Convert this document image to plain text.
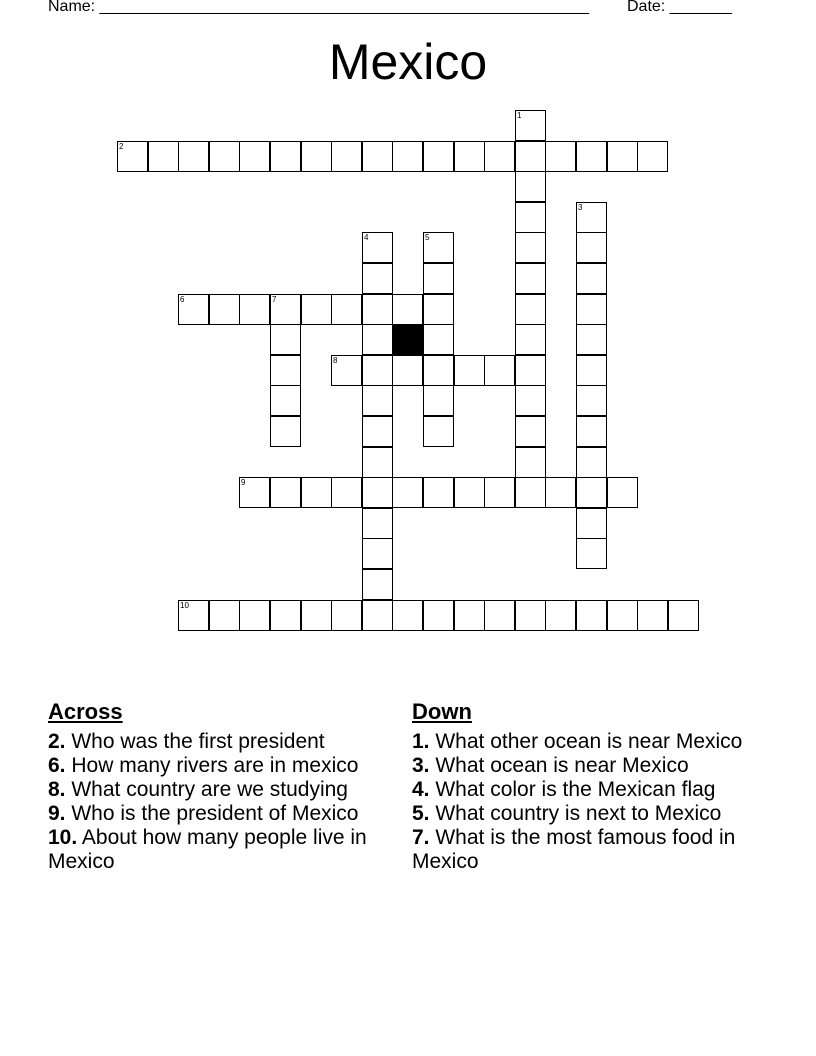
Name: _______________________________________________________ Date: _______
Mexico
1
2
3
4	5
6	7
8
9
10
Across
2. Who was the first president
6. How many rivers are in mexico
8. What country are we studying
9. Who is the president of Mexico
10. About how many people live in Mexico
Down
1. What other ocean is near Mexico
3. What ocean is near Mexico
4. What color is the Mexican flag
5. What country is next to Mexico
7. What is the most famous food in Mexico
